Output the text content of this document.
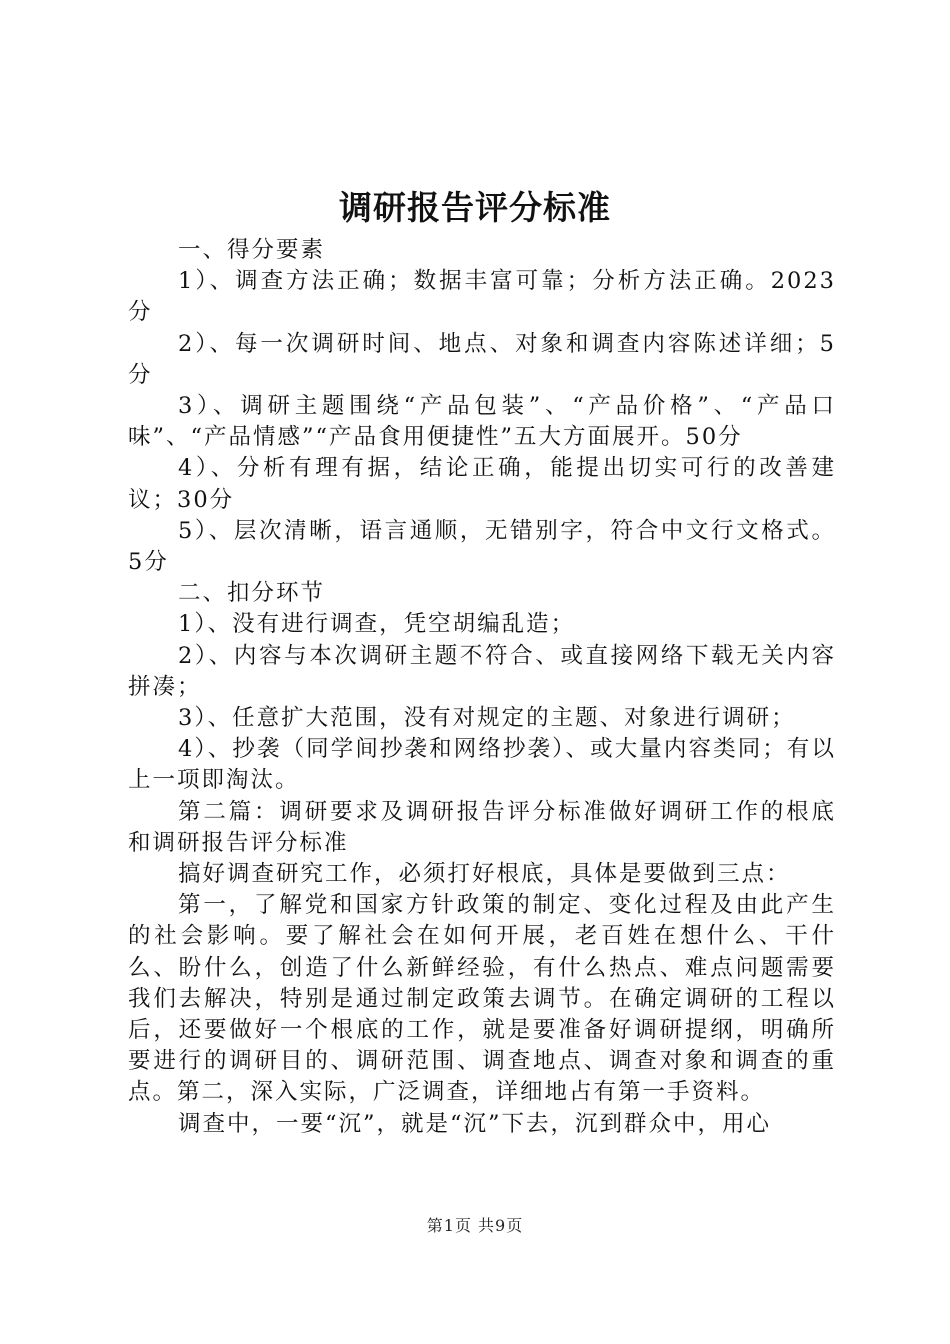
调研报告评分标准

一、得分要素

1）、调查方法正确；数据丰富可靠；分析方法正确。2023分

2）、每一次调研时间、地点、对象和调查内容陈述详细；5分

3）、调研主题围绕“产品包装”、“产品价格”、“产品口味”、“产品情感”“产品食用便捷性”五大方面展开。50分

4）、分析有理有据，结论正确，能提出切实可行的改善建议；30分

5）、层次清晰，语言通顺，无错别字，符合中文行文格式。5分

二、扣分环节

1）、没有进行调查，凭空胡编乱造；

2）、内容与本次调研主题不符合、或直接网络下载无关内容拼凑；

3）、任意扩大范围，没有对规定的主题、对象进行调研；

4）、抄袭（同学间抄袭和网络抄袭）、或大量内容类同；有以上一项即淘汰。

第二篇：调研要求及调研报告评分标准做好调研工作的根底和调研报告评分标准

搞好调查研究工作，必须打好根底，具体是要做到三点：

第一，了解党和国家方针政策的制定、变化过程及由此产生的社会影响。要了解社会在如何开展，老百姓在想什么、干什么、盼什么，创造了什么新鲜经验，有什么热点、难点问题需要我们去解决，特别是通过制定政策去调节。在确定调研的工程以后，还要做好一个根底的工作，就是要准备好调研提纲，明确所要进行的调研目的、调研范围、调查地点、调查对象和调查的重点。第二，深入实际，广泛调查，详细地占有第一手资料。

调查中，一要“沉”，就是“沉”下去，沉到群众中，用心

第1页 共9页
